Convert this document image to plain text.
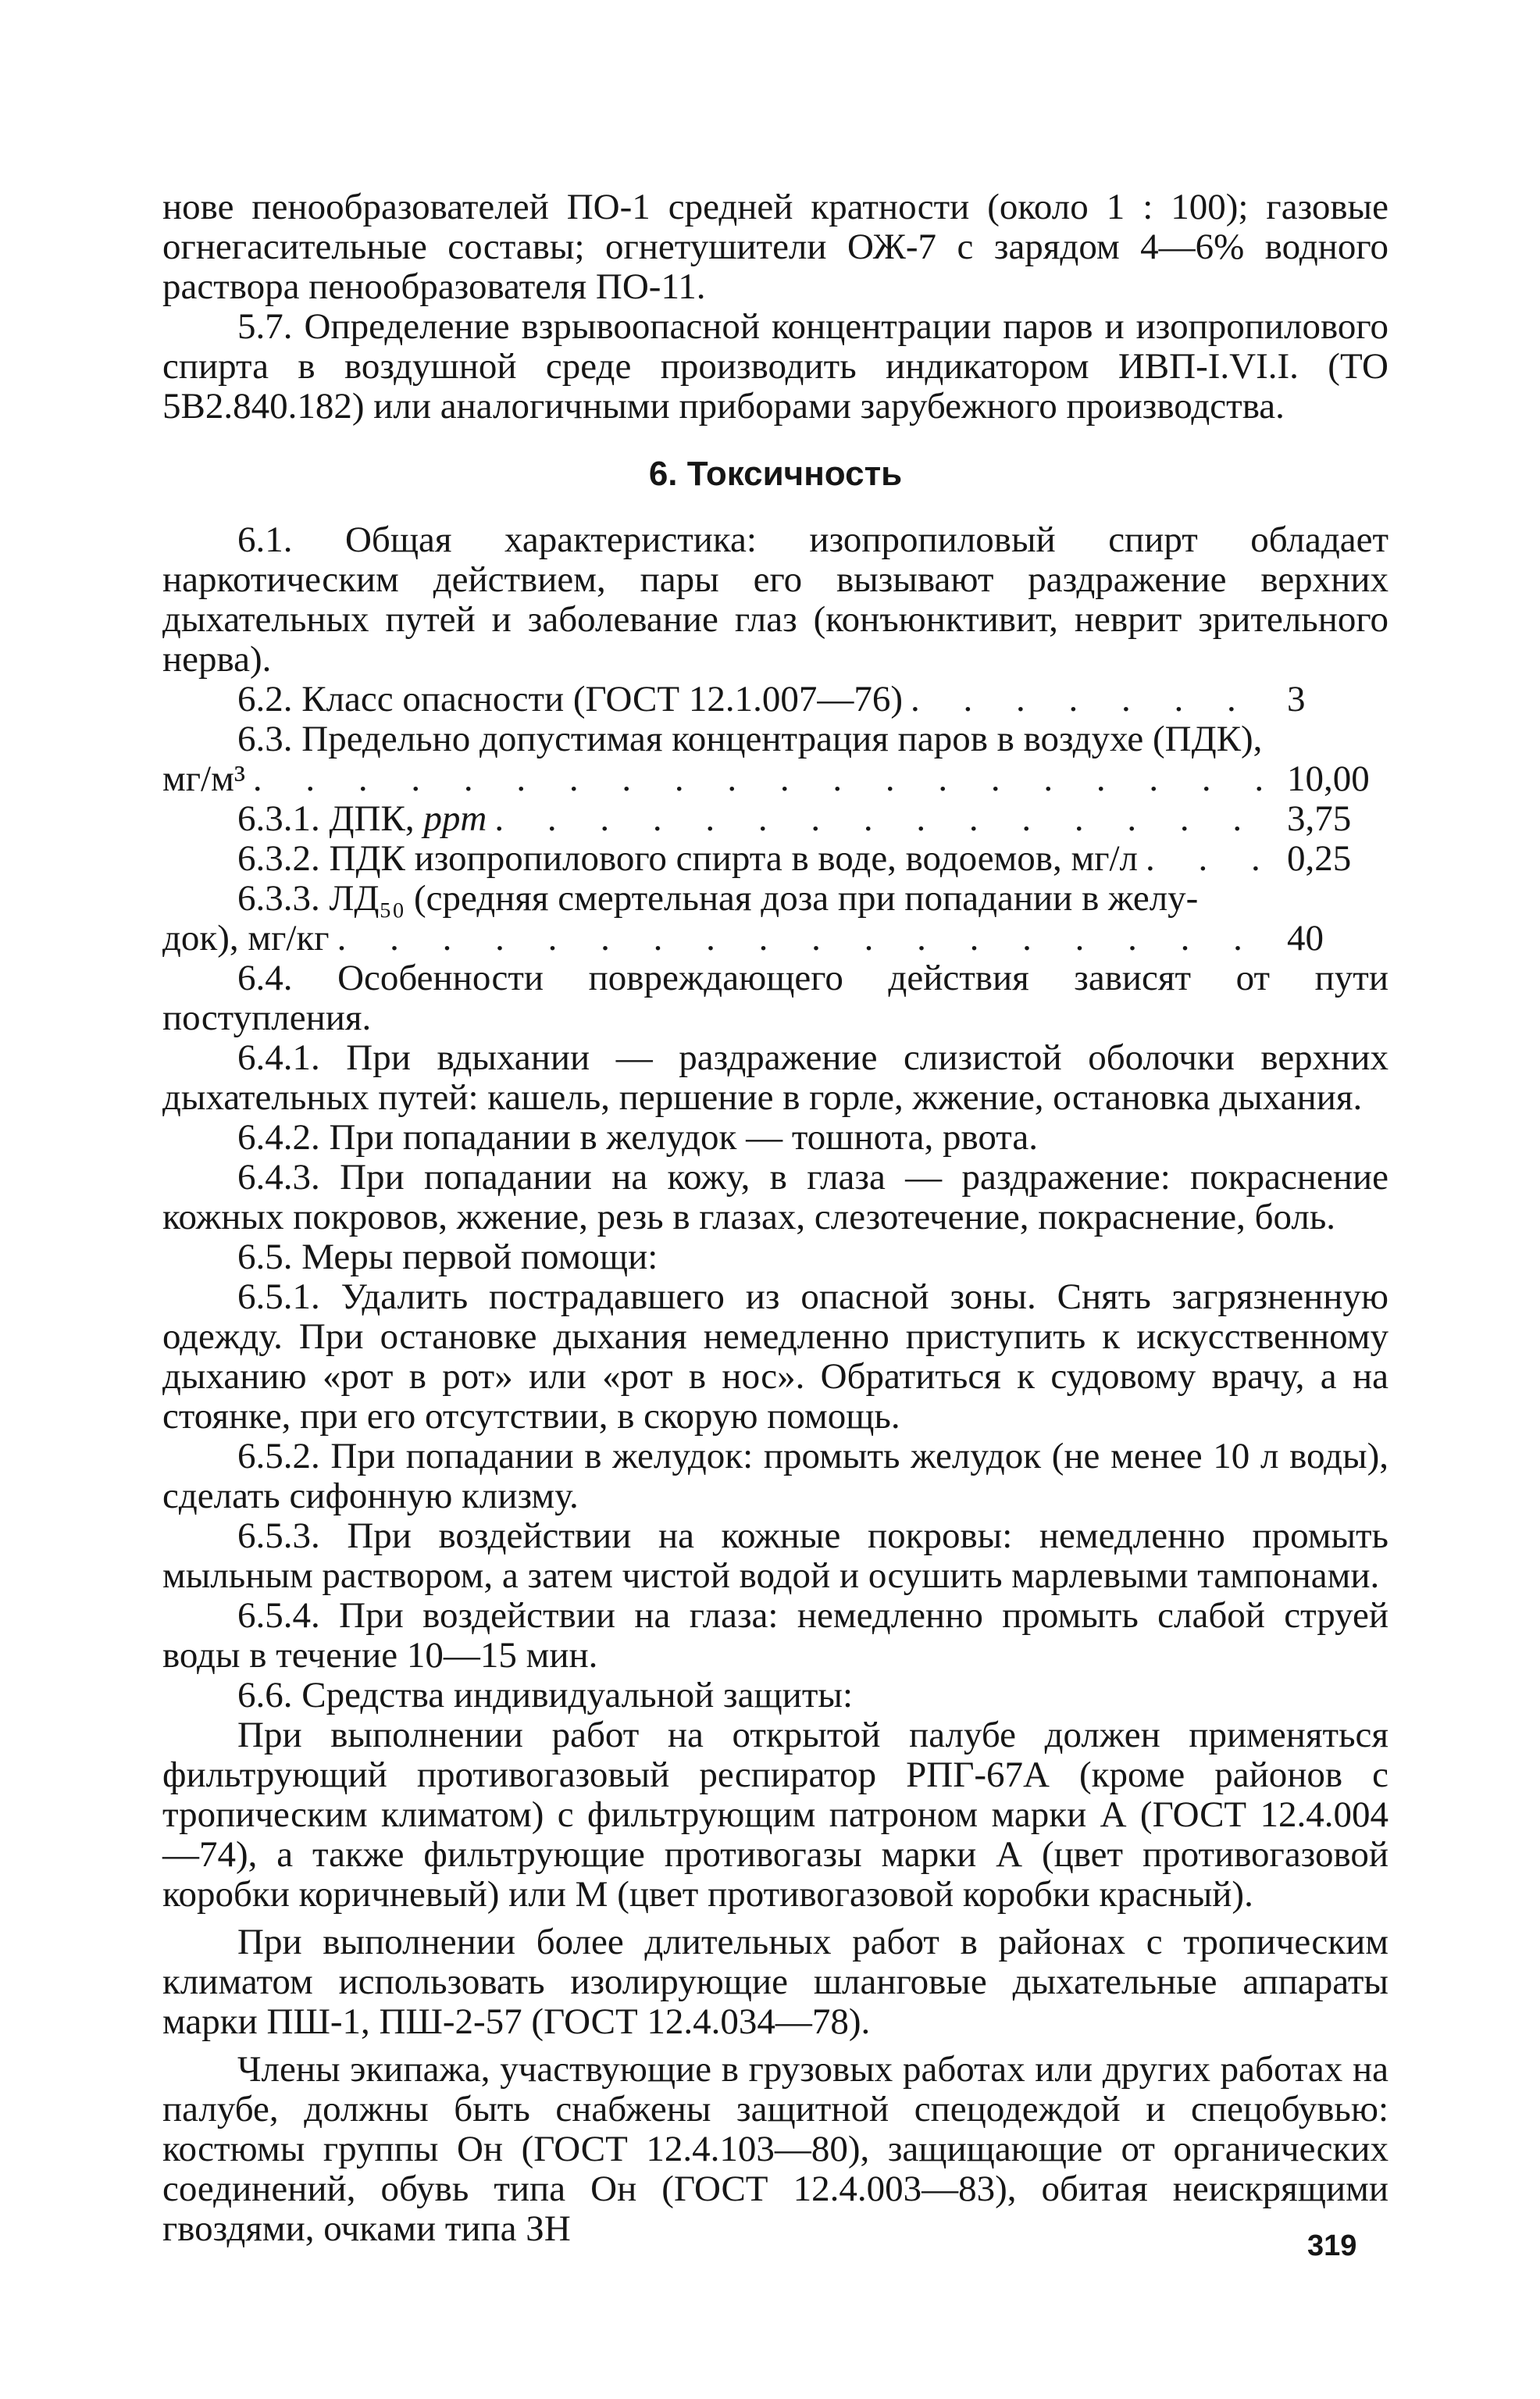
нове пенообразователей ПО-1 средней кратности (около 1 : 100); газовые огнегасительные составы; огнетушители ОЖ-7 с зарядом 4—6% водного раствора пенообразователя ПО-11.

5.7. Определение взрывоопасной концентрации паров и изопропилового спирта в воздушной среде производить индикатором ИВП-I.VI.I. (ТО 5В2.840.182) или аналогичными приборами зарубежного производства.

6. Токсичность

6.1. Общая характеристика: изопропиловый спирт обладает наркотическим действием, пары его вызывают раздражение верхних дыхательных путей и заболевание глаз (конъюнктивит, неврит зрительного нерва).

6.2. Класс опасности (ГОСТ 12.1.007—76) . . .	3

6.3. Предельно допустимая концентрация паров в воздухе (ПДК),

мг/м³ . . .	10,00
6.3.1. ДПК,
ppm . . .	3,75
6.3.2. ПДК изопропилового спирта в воде, водоемов, мг/л . . .	0,25

6.3.3. ЛД₅₀ (средняя смертельная доза при попадании в желу-

док), мг/кг . . .	40

6.4. Особенности повреждающего действия зависят от пути поступления.

6.4.1. При вдыхании — раздражение слизистой оболочки верхних дыхательных путей: кашель, першение в горле, жжение, остановка дыхания.

6.4.2. При попадании в желудок — тошнота, рвота.

6.4.3. При попадании на кожу, в глаза — раздражение: покраснение кожных покровов, жжение, резь в глазах, слезотечение, покраснение, боль.

6.5. Меры первой помощи:

6.5.1. Удалить пострадавшего из опасной зоны. Снять загрязненную одежду. При остановке дыхания немедленно приступить к искусственному дыханию «рот в рот» или «рот в нос». Обратиться к судовому врачу, а на стоянке, при его отсутствии, в скорую помощь.

6.5.2. При попадании в желудок: промыть желудок (не менее 10 л воды), сделать сифонную клизму.

6.5.3. При воздействии на кожные покровы: немедленно промыть мыльным раствором, а затем чистой водой и осушить марлевыми тампонами.

6.5.4. При воздействии на глаза: немедленно промыть слабой струей воды в течение 10—15 мин.

6.6. Средства индивидуальной защиты:

При выполнении работ на открытой палубе должен применяться фильтрующий противогазовый респиратор РПГ-67А (кроме районов с тропическим климатом) с фильтрующим патроном марки А (ГОСТ 12.4.004—74), а также фильтрующие противогазы марки А (цвет противогазовой коробки коричневый) или М (цвет противогазовой коробки красный).

При выполнении более длительных работ в районах с тропическим климатом использовать изолирующие шланговые дыхательные аппараты марки ПШ-1, ПШ-2-57 (ГОСТ 12.4.034—78).

Члены экипажа, участвующие в грузовых работах или других работах на палубе, должны быть снабжены защитной спецодеждой и спецобувью: костюмы группы Он (ГОСТ 12.4.103—80), защищающие от органических соединений, обувь типа Он (ГОСТ 12.4.003—83), обитая неискрящими гвоздями, очками типа ЗН	319
